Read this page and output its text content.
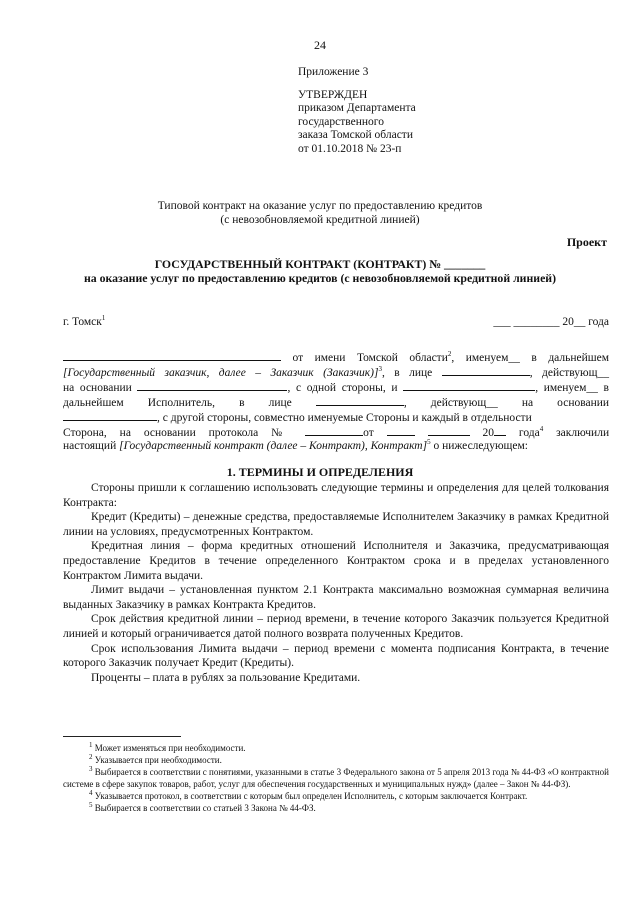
24
Приложение 3
УТВЕРЖДЕН
приказом Департамента
государственного
заказа Томской области
от 01.10.2018 № 23-п
Типовой контракт на оказание услуг по предоставлению кредитов
(с невозобновляемой кредитной линией)
Проект
ГОСУДАРСТВЕННЫЙ КОНТРАКТ (КОНТРАКТ) № _______
на оказание услуг по предоставлению кредитов (с невозобновляемой кредитной линией)
г. Томск$^1$	___ ________ 20__ года
от имени Томской области$^2$, именуем__ в дальнейшем
[Государственный заказчик, далее – Заказчик (Заказчик)]$^3$, в лице	, действующ__
на основании	, с одной стороны, и	, именуем__ в
дальнейшем Исполнитель, в лице	, действующ__ на основании
, с другой стороны, совместно именуемые Стороны и каждый в отдельности
Сторона, на основании протокола №	от	20 года$^4$ заключили
настоящий [Государственный контракт (далее – Контракт), Контракт]$^5$ о нижеследующем:
1. ТЕРМИНЫ И ОПРЕДЕЛЕНИЯ
Стороны пришли к соглашению использовать следующие термины и определения для целей толкования Контракта:
Кредит (Кредиты) – денежные средства, предоставляемые Исполнителем Заказчику в рамках Кредитной линии на условиях, предусмотренных Контрактом.
Кредитная линия – форма кредитных отношений Исполнителя и Заказчика, предусматривающая предоставление Кредитов в течение определенного Контрактом срока и в пределах установленного Контрактом Лимита выдачи.
Лимит выдачи – установленная пунктом 2.1 Контракта максимально возможная суммарная величина выданных Заказчику в рамках Контракта Кредитов.
Срок действия кредитной линии – период времени, в течение которого Заказчик пользуется Кредитной линией и который ограничивается датой полного возврата полученных Кредитов.
Срок использования Лимита выдачи – период времени с момента подписания Контракта, в течение которого Заказчик получает Кредит (Кредиты).
Проценты – плата в рублях за пользование Кредитами.
$^1$ Может изменяться при необходимости.
$^2$ Указывается при необходимости.
$^3$ Выбирается в соответствии с понятиями, указанными в статье 3 Федерального закона от 5 апреля 2013 года № 44-ФЗ «О контрактной системе в сфере закупок товаров, работ, услуг для обеспечения государственных и муниципальных нужд» (далее – Закон № 44-ФЗ).
$^4$ Указывается протокол, в соответствии с которым был определен Исполнитель, с которым заключается Контракт.
$^5$ Выбирается в соответствии со статьей 3 Закона № 44-ФЗ.
